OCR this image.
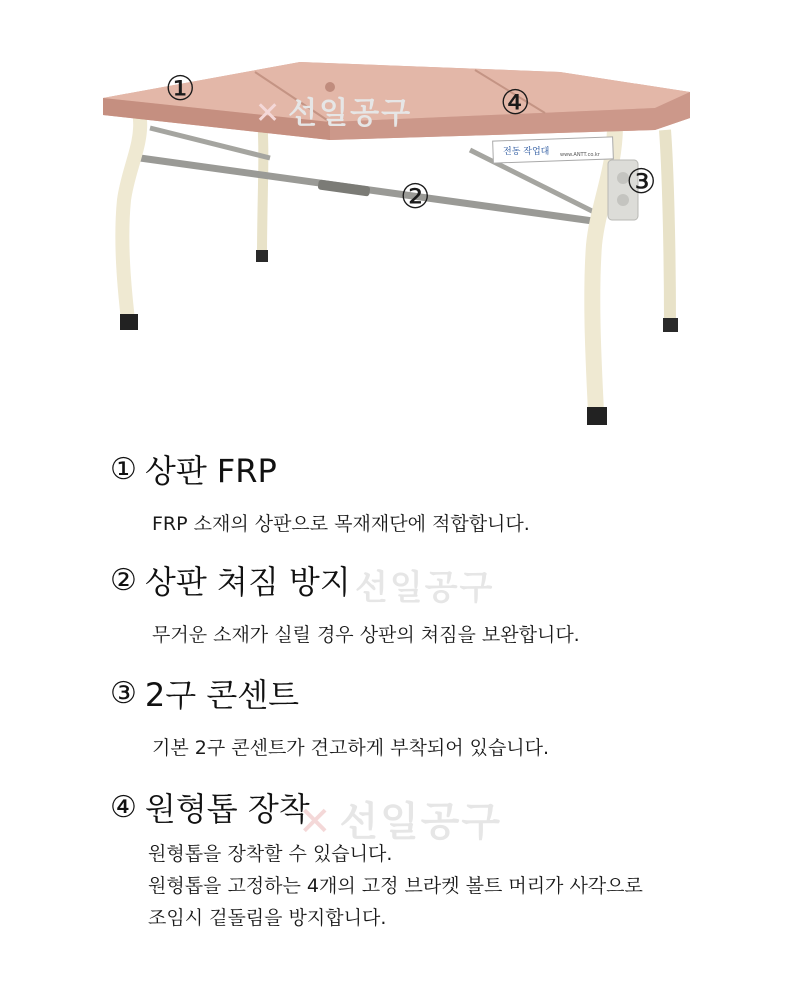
전동 작업대 www.ANTT.co.kr
✕ 선일공구
①
②	③
④
선일공구
✕ 선일공구
① 상판 FRP
FRP 소재의 상판으로 목재재단에 적합합니다.
② 상판 쳐짐 방지
무거운 소재가 실릴 경우 상판의 쳐짐을 보완합니다.
③ 2구 콘센트
기본 2구 콘센트가 견고하게 부착되어 있습니다.
④ 원형톱 장착
원형톱을 장착할 수 있습니다.
원형톱을 고정하는 4개의 고정 브라켓 볼트 머리가 사각으로
조임시 겉돌림을 방지합니다.
